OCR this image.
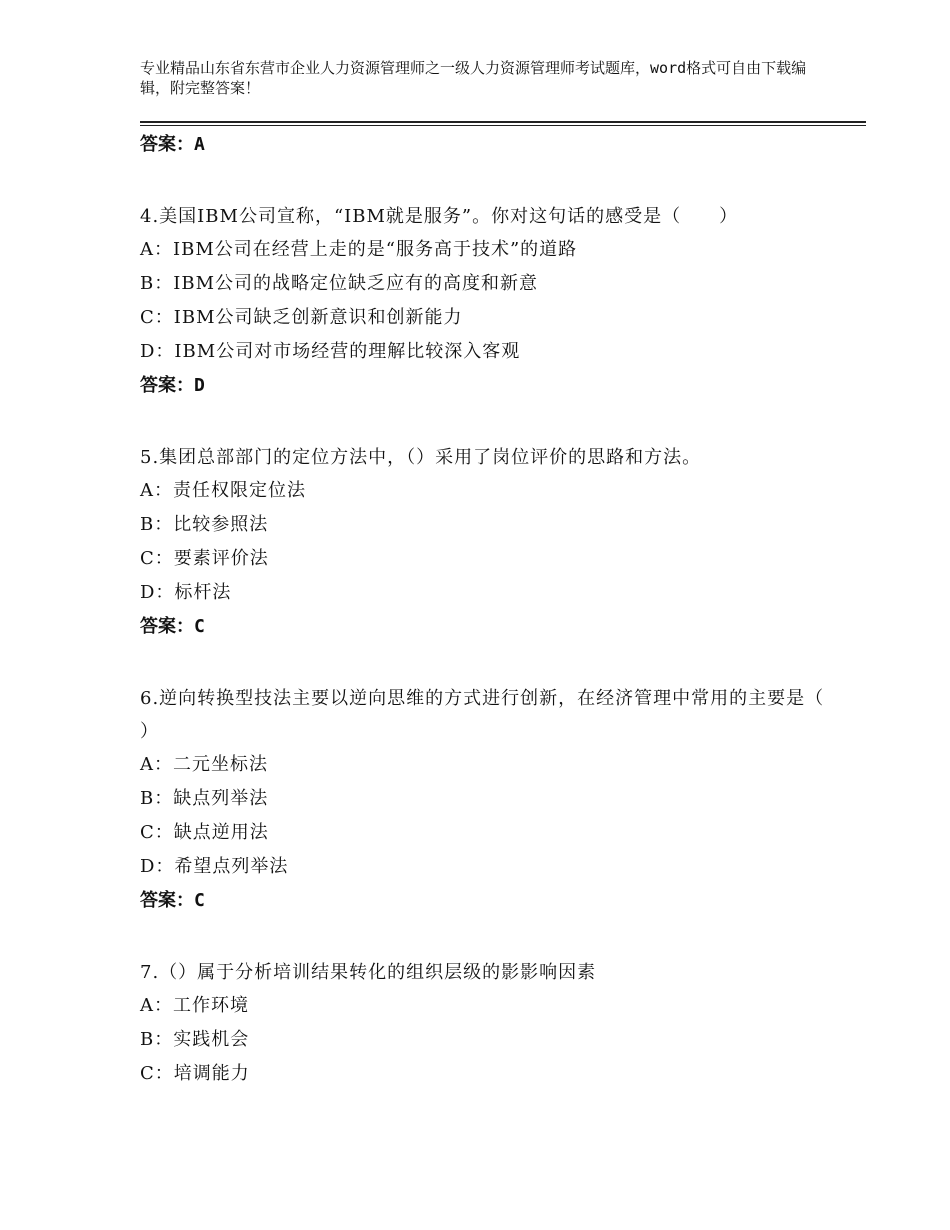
专业精品山东省东营市企业人力资源管理师之一级人力资源管理师考试题库，word格式可自由下载编辑，附完整答案！
答案：A
4.美国IBM公司宣称，“IBM就是服务”。你对这句话的感受是（　　）
A：IBM公司在经营上走的是“服务高于技术”的道路
B：IBM公司的战略定位缺乏应有的高度和新意
C：IBM公司缺乏创新意识和创新能力
D：IBM公司对市场经营的理解比较深入客观
答案：D
5.集团总部部门的定位方法中，（）采用了岗位评价的思路和方法。
A：责任权限定位法
B：比较参照法
C：要素评价法
D：标杆法
答案：C
6.逆向转换型技法主要以逆向思维的方式进行创新，在经济管理中常用的主要是（ ）
A：二元坐标法
B：缺点列举法
C：缺点逆用法
D：希望点列举法
答案：C
7.（）属于分析培训结果转化的组织层级的影影响因素
A：工作环境
B：实践机会
C：培调能力
